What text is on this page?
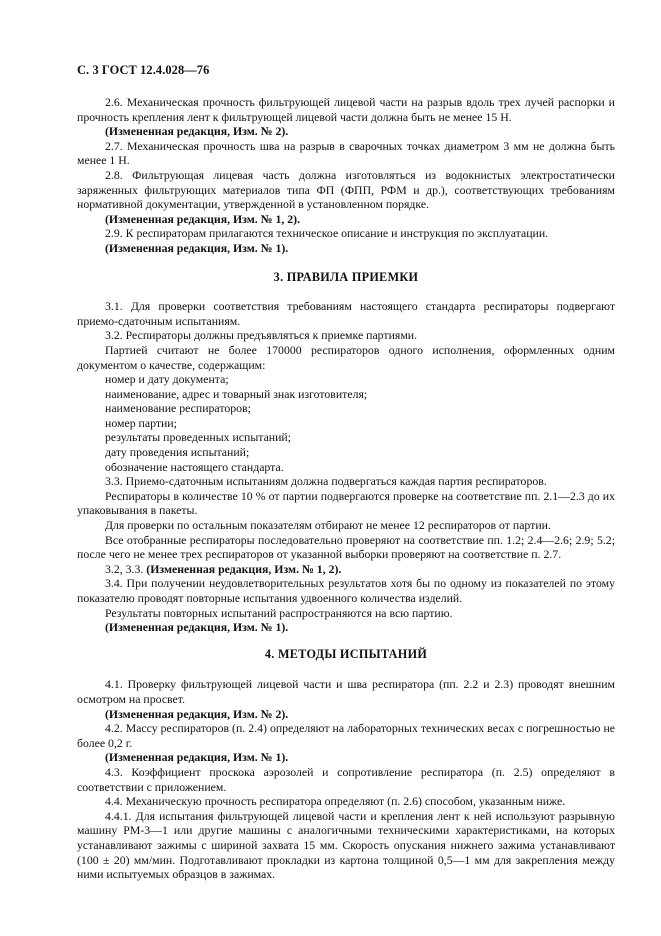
С. 3 ГОСТ 12.4.028—76

2.6. Механическая прочность фильтрующей лицевой части на разрыв вдоль трех лучей распорки и прочность крепления лент к фильтрующей лицевой части должна быть не менее 15 Н.

(Измененная редакция, Изм. № 2).

2.7. Механическая прочность шва на разрыв в сварочных точках диаметром 3 мм не должна быть менее 1 Н.

2.8. Фильтрующая лицевая часть должна изготовляться из водокнистых электростатически заряженных фильтрующих материалов типа ФП (ФПП, РФМ и др.), соответствующих требованиям нормативной документации, утвержденной в установленном порядке.

(Измененная редакция, Изм. № 1, 2).

2.9. К респираторам прилагаются техническое описание и инструкция по эксплуатации.

(Измененная редакция, Изм. № 1).

3. ПРАВИЛА ПРИЕМКИ

3.1. Для проверки соответствия требованиям настоящего стандарта респираторы подвергают приемо-сдаточным испытаниям.

3.2. Респираторы должны предъявляться к приемке партиями.

Партией считают не более 170000 респираторов одного исполнения, оформленных одним документом о качестве, содержащим:

номер и дату документа;

наименование, адрес и товарный знак изготовителя;

наименование респираторов;

номер партии;

результаты проведенных испытаний;

дату проведения испытаний;

обозначение настоящего стандарта.

3.3. Приемо-сдаточным испытаниям должна подвергаться каждая партия респираторов.

Респираторы в количестве 10 % от партии подвергаются проверке на соответствие пп. 2.1—2.3 до их упаковывания в пакеты.

Для проверки по остальным показателям отбирают не менее 12 респираторов от партии.

Все отобранные респираторы последовательно проверяют на соответствие пп. 1.2; 2.4—2.6; 2.9; 5.2; после чего не менее трех респираторов от указанной выборки проверяют на соответствие п. 2.7.

3.2, 3.3. (Измененная редакция, Изм. № 1, 2).

3.4. При получении неудовлетворительных результатов хотя бы по одному из показателей по этому показателю проводят повторные испытания удвоенного количества изделий.

Результаты повторных испытаний распространяются на всю партию.

(Измененная редакция, Изм. № 1).

4. МЕТОДЫ ИСПЫТАНИЙ

4.1. Проверку фильтрующей лицевой части и шва респиратора (пп. 2.2 и 2.3) проводят внешним осмотром на просвет.

(Измененная редакция, Изм. № 2).

4.2. Массу респираторов (п. 2.4) определяют на лабораторных технических весах с погрешностью не более 0,2 г.

(Измененная редакция, Изм. № 1).

4.3. Коэффициент проскока аэрозолей и сопротивление респиратора (п. 2.5) определяют в соответствии с приложением.

4.4. Механическую прочность респиратора определяют (п. 2.6) способом, указанным ниже.

4.4.1. Для испытания фильтрующей лицевой части и крепления лент к ней используют разрывную машину РМ-3—1 или другие машины с аналогичными техническими характеристиками, на которых устанавливают зажимы с шириной захвата 15 мм. Скорость опускания нижнего зажима устанавливают (100 ± 20) мм/мин. Подготавливают прокладки из картона толщиной 0,5—1 мм для закрепления между ними испытуемых образцов в зажимах.
